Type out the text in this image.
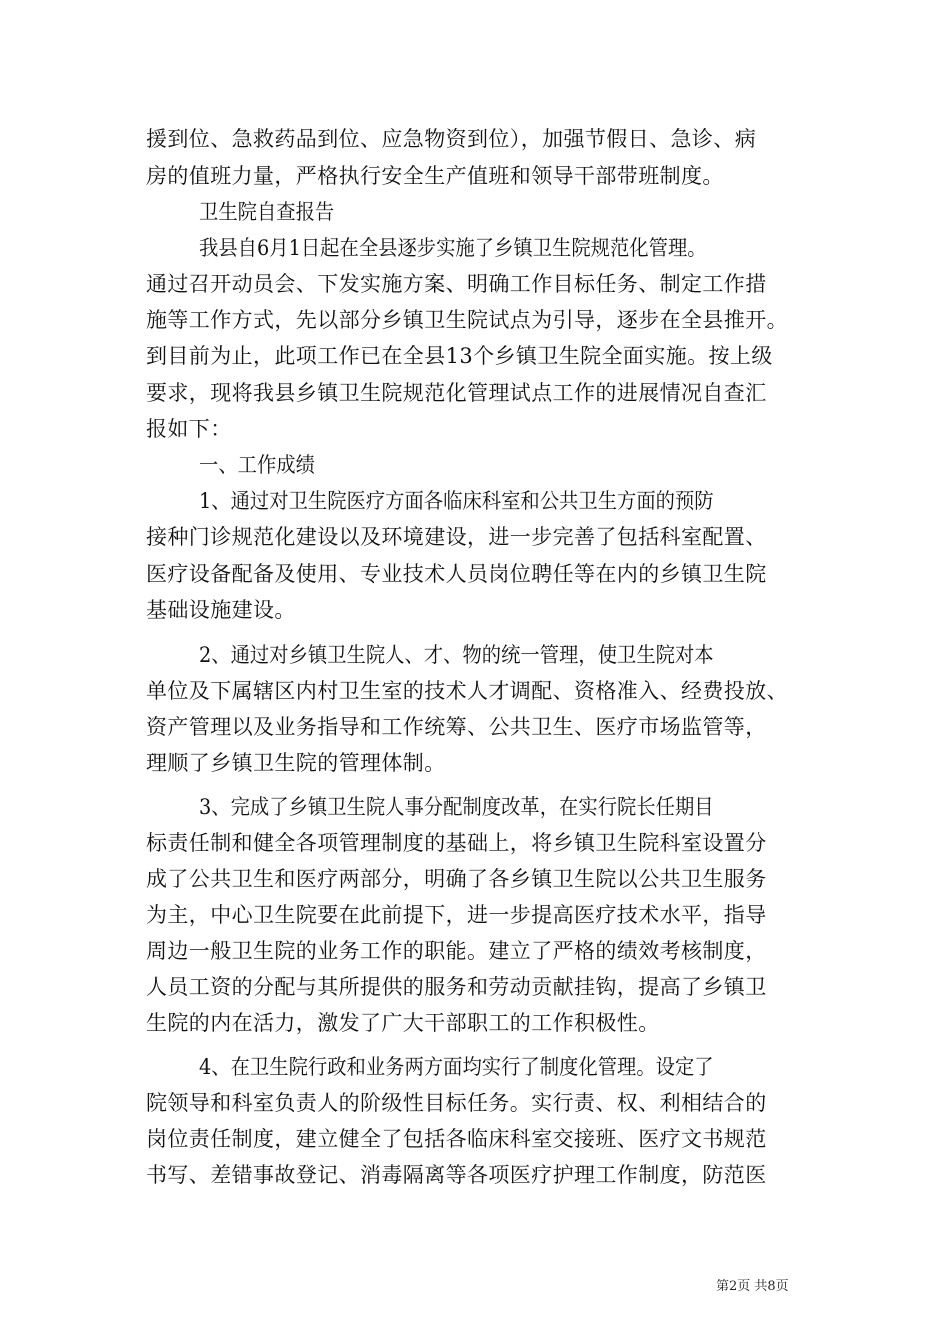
援到位、急救药品到位、应急物资到位），加强节假日、急诊、病
房的值班力量，严格执行安全生产值班和领导干部带班制度。
卫生院自查报告
我县自6月1日起在全县逐步实施了乡镇卫生院规范化管理。
通过召开动员会、下发实施方案、明确工作目标任务、制定工作措
施等工作方式，先以部分乡镇卫生院试点为引导，逐步在全县推开。
到目前为止，此项工作已在全县13个乡镇卫生院全面实施。按上级
要求，现将我县乡镇卫生院规范化管理试点工作的进展情况自查汇
报如下：
一、工作成绩
1、通过对卫生院医疗方面各临床科室和公共卫生方面的预防
接种门诊规范化建设以及环境建设，进一步完善了包括科室配置、
医疗设备配备及使用、专业技术人员岗位聘任等在内的乡镇卫生院
基础设施建设。
2、通过对乡镇卫生院人、才、物的统一管理，使卫生院对本
单位及下属辖区内村卫生室的技术人才调配、资格准入、经费投放、
资产管理以及业务指导和工作统筹、公共卫生、医疗市场监管等，
理顺了乡镇卫生院的管理体制。
3、完成了乡镇卫生院人事分配制度改革，在实行院长任期目
标责任制和健全各项管理制度的基础上，将乡镇卫生院科室设置分
成了公共卫生和医疗两部分，明确了各乡镇卫生院以公共卫生服务
为主，中心卫生院要在此前提下，进一步提高医疗技术水平，指导
周边一般卫生院的业务工作的职能。建立了严格的绩效考核制度，
人员工资的分配与其所提供的服务和劳动贡献挂钩，提高了乡镇卫
生院的内在活力，激发了广大干部职工的工作积极性。
4、在卫生院行政和业务两方面均实行了制度化管理。设定了
院领导和科室负责人的阶级性目标任务。实行责、权、利相结合的
岗位责任制度，建立健全了包括各临床科室交接班、医疗文书规范
书写、差错事故登记、消毒隔离等各项医疗护理工作制度，防范医
第2页 共8页
